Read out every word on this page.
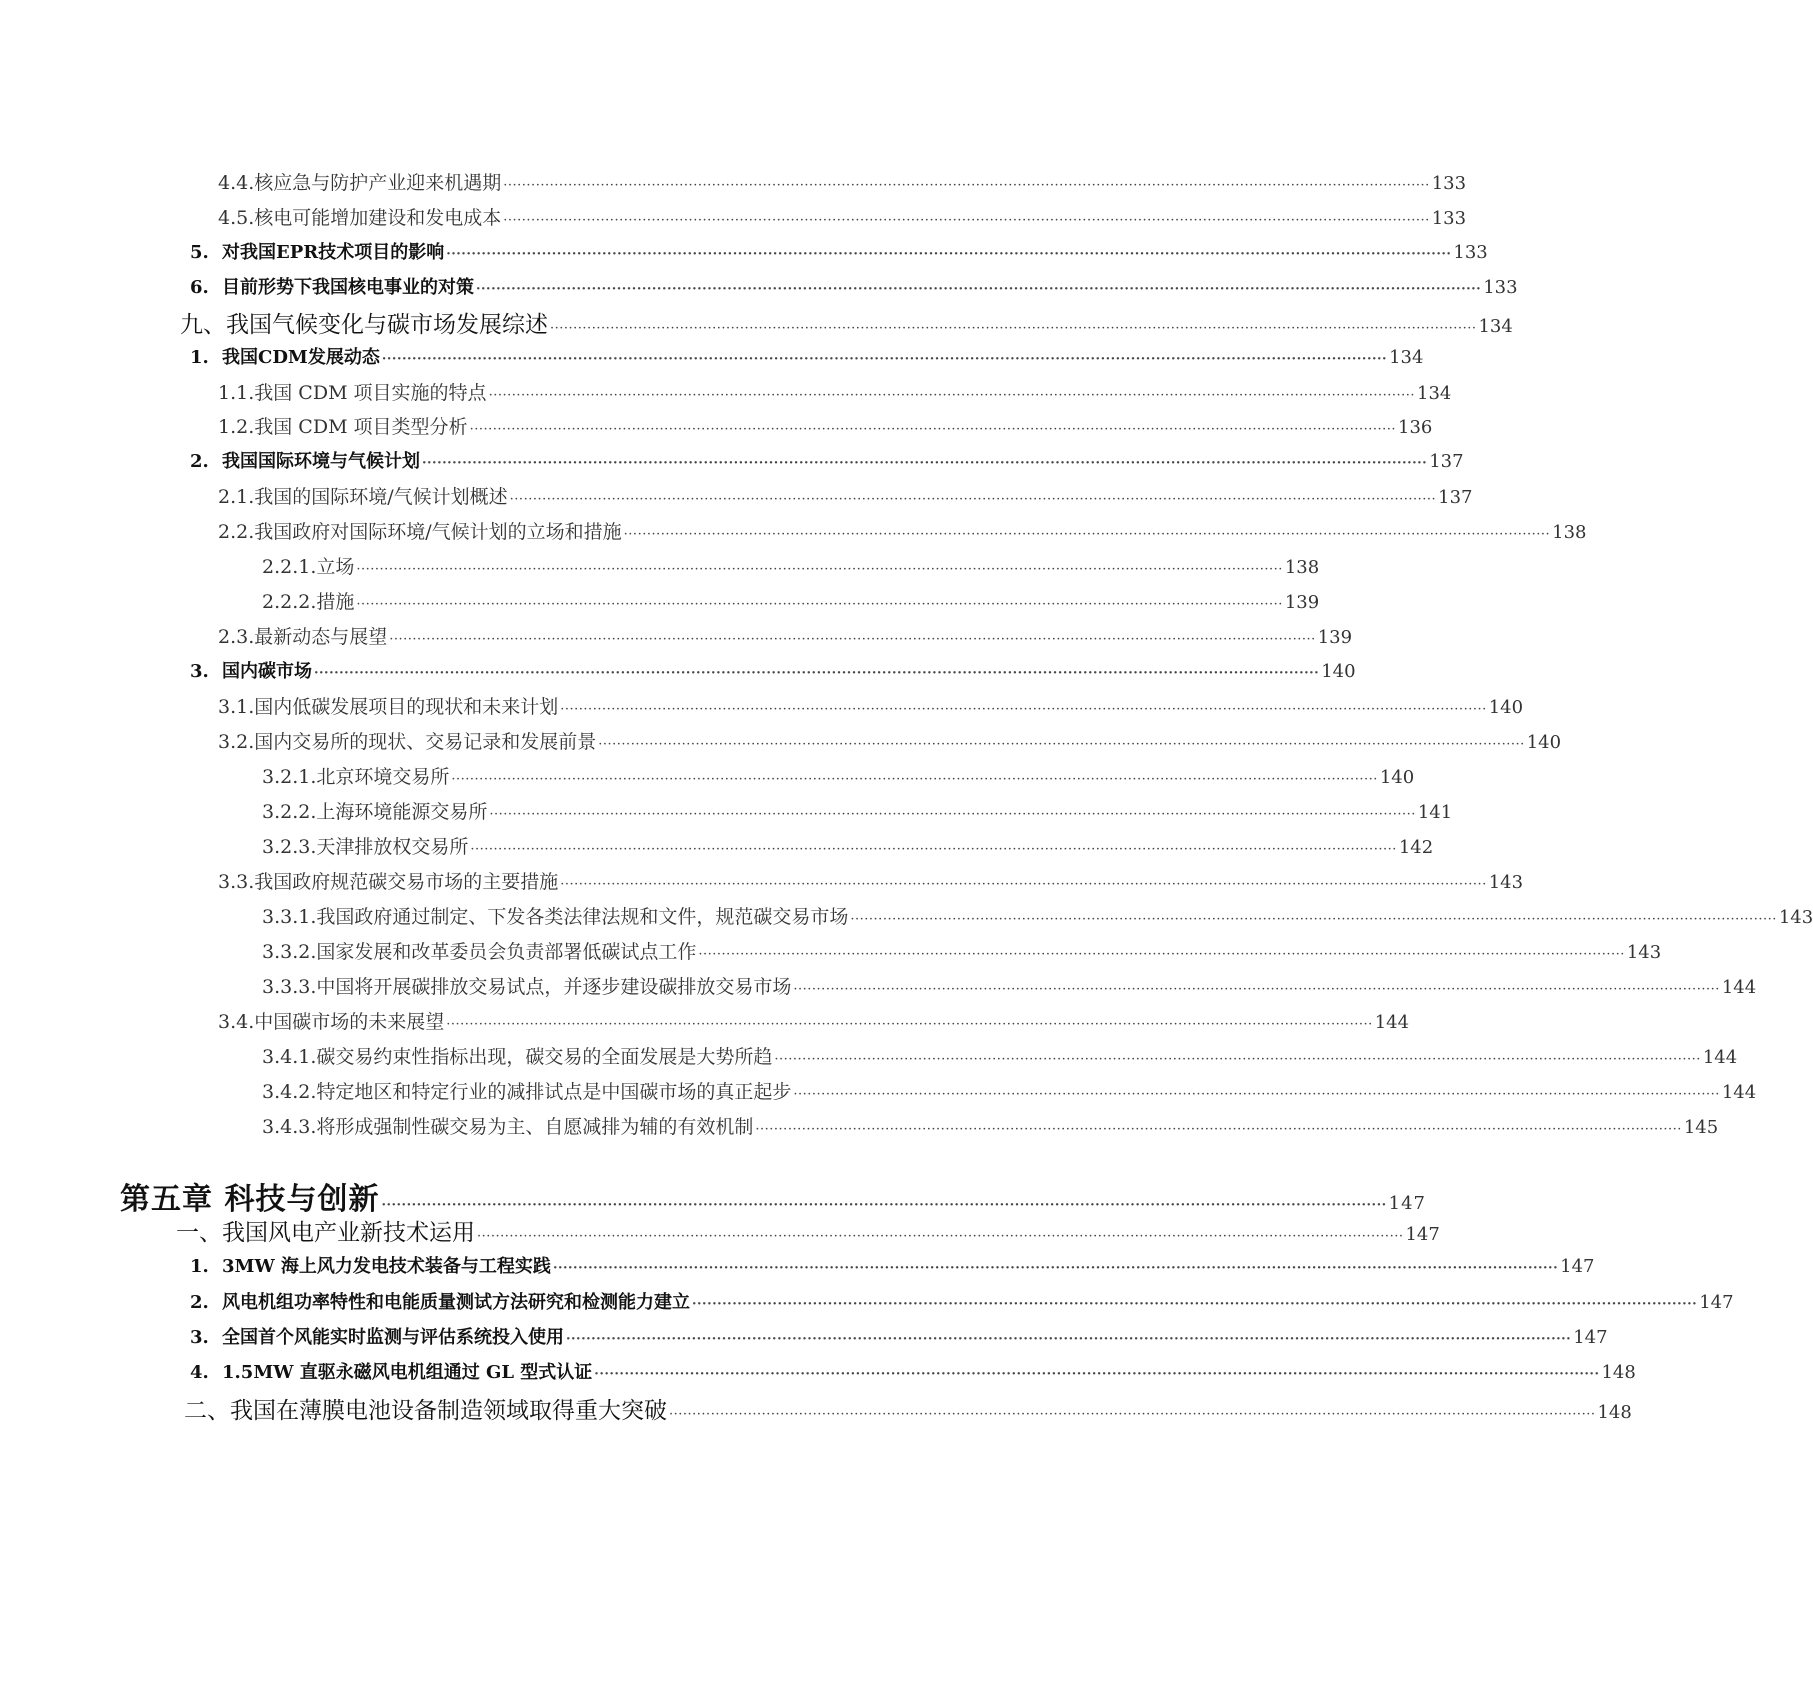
4.4.核应急与防护产业迎来机遇期 ········································································································································································································ 133
4.5.核电可能增加建设和发电成本 ········································································································································································································ 133
5. 对我国EPR技术项目的影响 ········································································································································································································ 133
6. 目前形势下我国核电事业的对策 ········································································································································································································ 133
九、我国气候变化与碳市场发展综述 ········································································································································································································ 134
1. 我国CDM发展动态 ········································································································································································································ 134
1.1.我国 CDM 项目实施的特点 ········································································································································································································ 134
1.2.我国 CDM 项目类型分析 ········································································································································································································ 136
2. 我国国际环境与气候计划 ········································································································································································································ 137
2.1.我国的国际环境/气候计划概述 ········································································································································································································ 137
2.2.我国政府对国际环境/气候计划的立场和措施 ········································································································································································································ 138
2.2.1.立场 ········································································································································································································ 138
2.2.2.措施 ········································································································································································································ 139
2.3.最新动态与展望 ········································································································································································································ 139
3. 国内碳市场 ········································································································································································································ 140
3.1.国内低碳发展项目的现状和未来计划 ········································································································································································································ 140
3.2.国内交易所的现状、交易记录和发展前景 ········································································································································································································ 140
3.2.1.北京环境交易所 ········································································································································································································ 140
3.2.2.上海环境能源交易所 ········································································································································································································ 141
3.2.3.天津排放权交易所 ········································································································································································································ 142
3.3.我国政府规范碳交易市场的主要措施 ········································································································································································································ 143
3.3.1.我国政府通过制定、下发各类法律法规和文件，规范碳交易市场 ········································································································································································································ 143
3.3.2.国家发展和改革委员会负责部署低碳试点工作 ········································································································································································································ 143
3.3.3.中国将开展碳排放交易试点，并逐步建设碳排放交易市场 ········································································································································································································ 144
3.4.中国碳市场的未来展望 ········································································································································································································ 144
3.4.1.碳交易约束性指标出现，碳交易的全面发展是大势所趋 ········································································································································································································ 144
3.4.2.特定地区和特定行业的减排试点是中国碳市场的真正起步 ········································································································································································································ 144
3.4.3.将形成强制性碳交易为主、自愿减排为辅的有效机制 ········································································································································································································ 145
第五章 科技与创新 ········································································································································································································ 147
一、我国风电产业新技术运用 ········································································································································································································ 147
1. 3MW 海上风力发电技术装备与工程实践 ········································································································································································································ 147
2. 风电机组功率特性和电能质量测试方法研究和检测能力建立 ········································································································································································································ 147
3. 全国首个风能实时监测与评估系统投入使用 ········································································································································································································ 147
4. 1.5MW 直驱永磁风电机组通过 GL 型式认证 ········································································································································································································ 148
二、我国在薄膜电池设备制造领域取得重大突破 ········································································································································································································ 148
